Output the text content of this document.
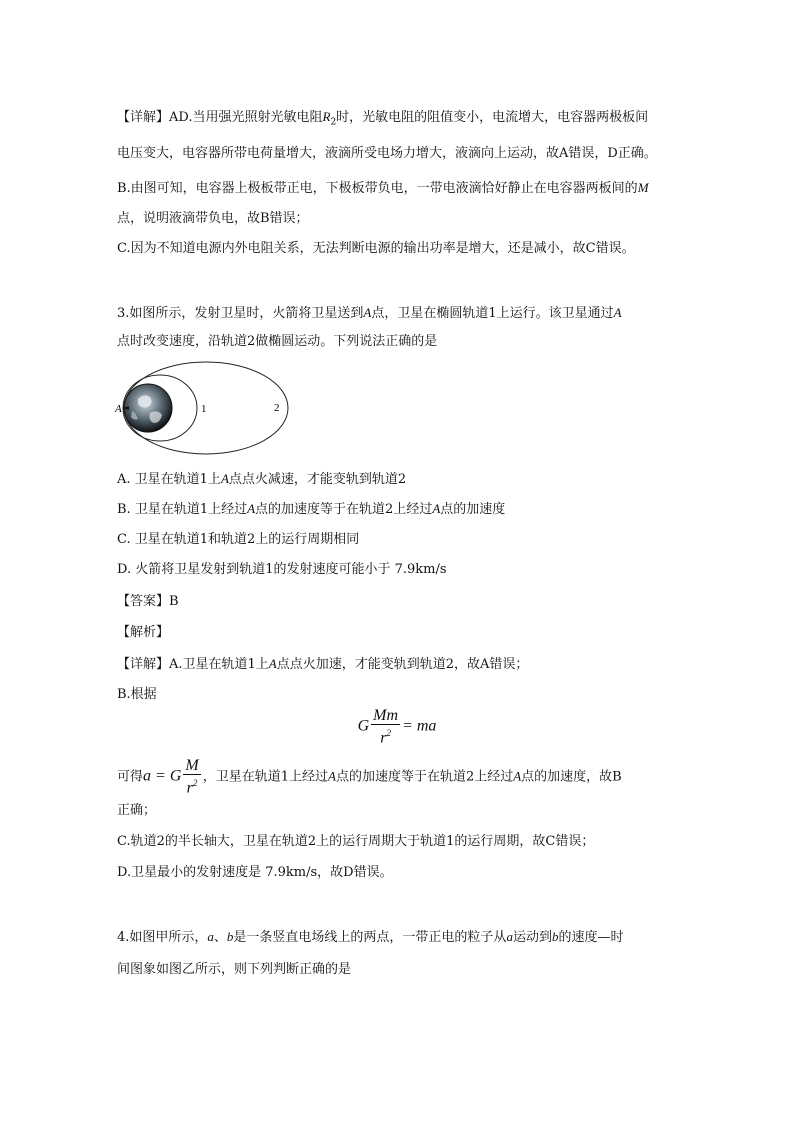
【详解】AD.当用强光照射光敏电阻$R_2$时，光敏电阻的阻值变小，电流增大，电容器两极板间
电压变大，电容器所带电荷量增大，液滴所受电场力增大，液滴向上运动，故A错误，D正确。
B.由图可知，电容器上极板带正电，下极板带负电，一带电液滴恰好静止在电容器两板间的M
点，说明液滴带负电，故B错误；
C.因为不知道电源内外电阻关系，无法判断电源的输出功率是增大，还是减小，故C错误。
3.如图所示，发射卫星时，火箭将卫星送到A点，卫星在椭圆轨道1上运行。该卫星通过A
点时改变速度，沿轨道2做椭圆运动。下列说法正确的是
A	1	2
A. 卫星在轨道1上A点点火减速，才能变轨到轨道2
B. 卫星在轨道1上经过A点的加速度等于在轨道2上经过A点的加速度
C. 卫星在轨道1和轨道2上的运行周期相同
D. 火箭将卫星发射到轨道1的发射速度可能小于 7.9km/s
【答案】B
【解析】
【详解】A.卫星在轨道1上A点点火加速，才能变轨到轨道2，故A错误；
B.根据
G $\frac{Mm}{r^2}$ = ma
可得a = G $\frac{M}{r^2}$ ，卫星在轨道1上经过A点的加速度等于在轨道2上经过A点的加速度，故B
正确；
C.轨道2的半长轴大，卫星在轨道2上的运行周期大于轨道1的运行周期，故C错误；
D.卫星最小的发射速度是 7.9km/s，故D错误。
4.如图甲所示，a、b是一条竖直电场线上的两点，一带正电的粒子从a运动到b的速度—时
间图象如图乙所示，则下列判断正确的是
